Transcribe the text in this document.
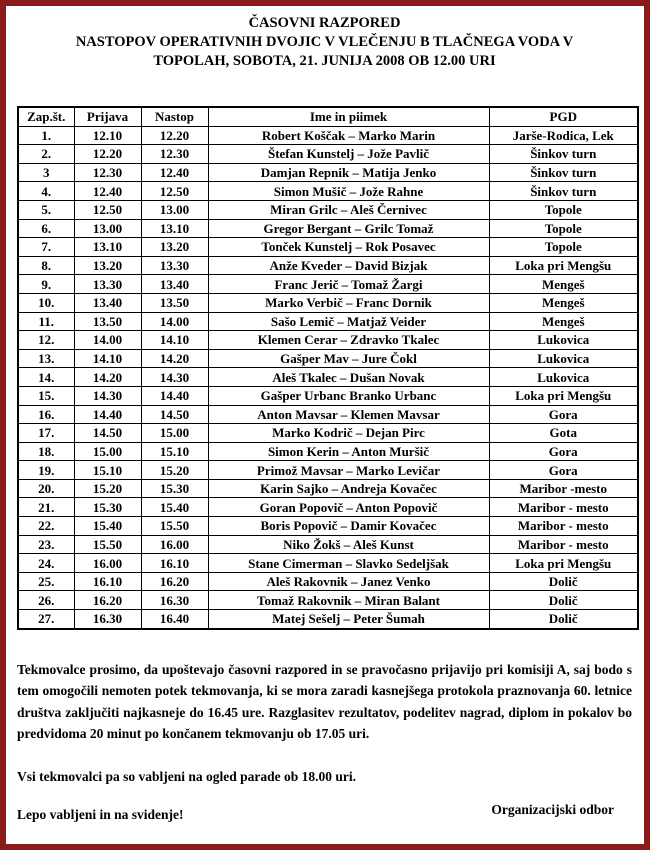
ČASOVNI RAZPORED
NASTOPOV OPERATIVNIH DVOJIC V VLEČENJU B TLAČNEGA VODA V
TOPOLAH, SOBOTA, 21. JUNIJA 2008 OB 12.00 URI
Zap.št.	Prijava	Nastop	Ime in piimek	PGD
1.	12.10	12.20	Robert Koščak – Marko Marin	Jarše-Rodica, Lek
2.	12.20	12.30	Štefan Kunstelj – Jože Pavlič	Šinkov turn
3	12.30	12.40	Damjan Repnik – Matija Jenko	Šinkov turn
4.	12.40	12.50	Simon Mušič – Jože Rahne	Šinkov turn
5.	12.50	13.00	Miran Grilc – Aleš Černivec	Topole
6.	13.00	13.10	Gregor Bergant – Grilc Tomaž	Topole
7.	13.10	13.20	Tonček Kunstelj – Rok Posavec	Topole
8.	13.20	13.30	Anže Kveder – David Bizjak	Loka pri Mengšu
9.	13.30	13.40	Franc Jerič – Tomaž Žargi	Mengeš
10.	13.40	13.50	Marko Verbič – Franc Dornik	Mengeš
11.	13.50	14.00	Sašo Lemič – Matjaž Veider	Mengeš
12.	14.00	14.10	Klemen Cerar – Zdravko Tkalec	Lukovica
13.	14.10	14.20	Gašper Mav – Jure Čokl	Lukovica
14.	14.20	14.30	Aleš Tkalec – Dušan Novak	Lukovica
15.	14.30	14.40	Gašper Urbanc Branko Urbanc	Loka pri Mengšu
16.	14.40	14.50	Anton Mavsar – Klemen Mavsar	Gora
17.	14.50	15.00	Marko Kodrič – Dejan Pirc	Gota
18.	15.00	15.10	Simon Kerin – Anton Muršič	Gora
19.	15.10	15.20	Primož Mavsar – Marko Levičar	Gora
20.	15.20	15.30	Karin Sajko – Andreja Kovačec	Maribor -mesto
21.	15.30	15.40	Goran Popovič – Anton Popovič	Maribor - mesto
22.	15.40	15.50	Boris Popovič – Damir Kovačec	Maribor - mesto
23.	15.50	16.00	Niko Žokš – Aleš Kunst	Maribor - mesto
24.	16.00	16.10	Stane Cimerman – Slavko Sedeljšak	Loka pri Mengšu
25.	16.10	16.20	Aleš Rakovnik – Janez Venko	Dolič
26.	16.20	16.30	Tomaž Rakovnik – Miran Balant	Dolič
27.	16.30	16.40	Matej Sešelj – Peter Šumah	Dolič

Tekmovalce prosimo, da upoštevajo časovni razpored in se pravočasno prijavijo pri komisiji A, saj bodo s tem omogočili nemoten potek tekmovanja, ki se mora zaradi kasnejšega protokola praznovanja 60. letnice društva zaključiti najkasneje do 16.45 ure. Razglasitev rezultatov, podelitev nagrad, diplom in pokalov bo predvidoma 20 minut po končanem tekmovanju ob 17.05 uri.

Vsi tekmovalci pa so vabljeni na ogled parade ob 18.00 uri.

Lepo vabljeni in na svidenje!	Organizacijski odbor
